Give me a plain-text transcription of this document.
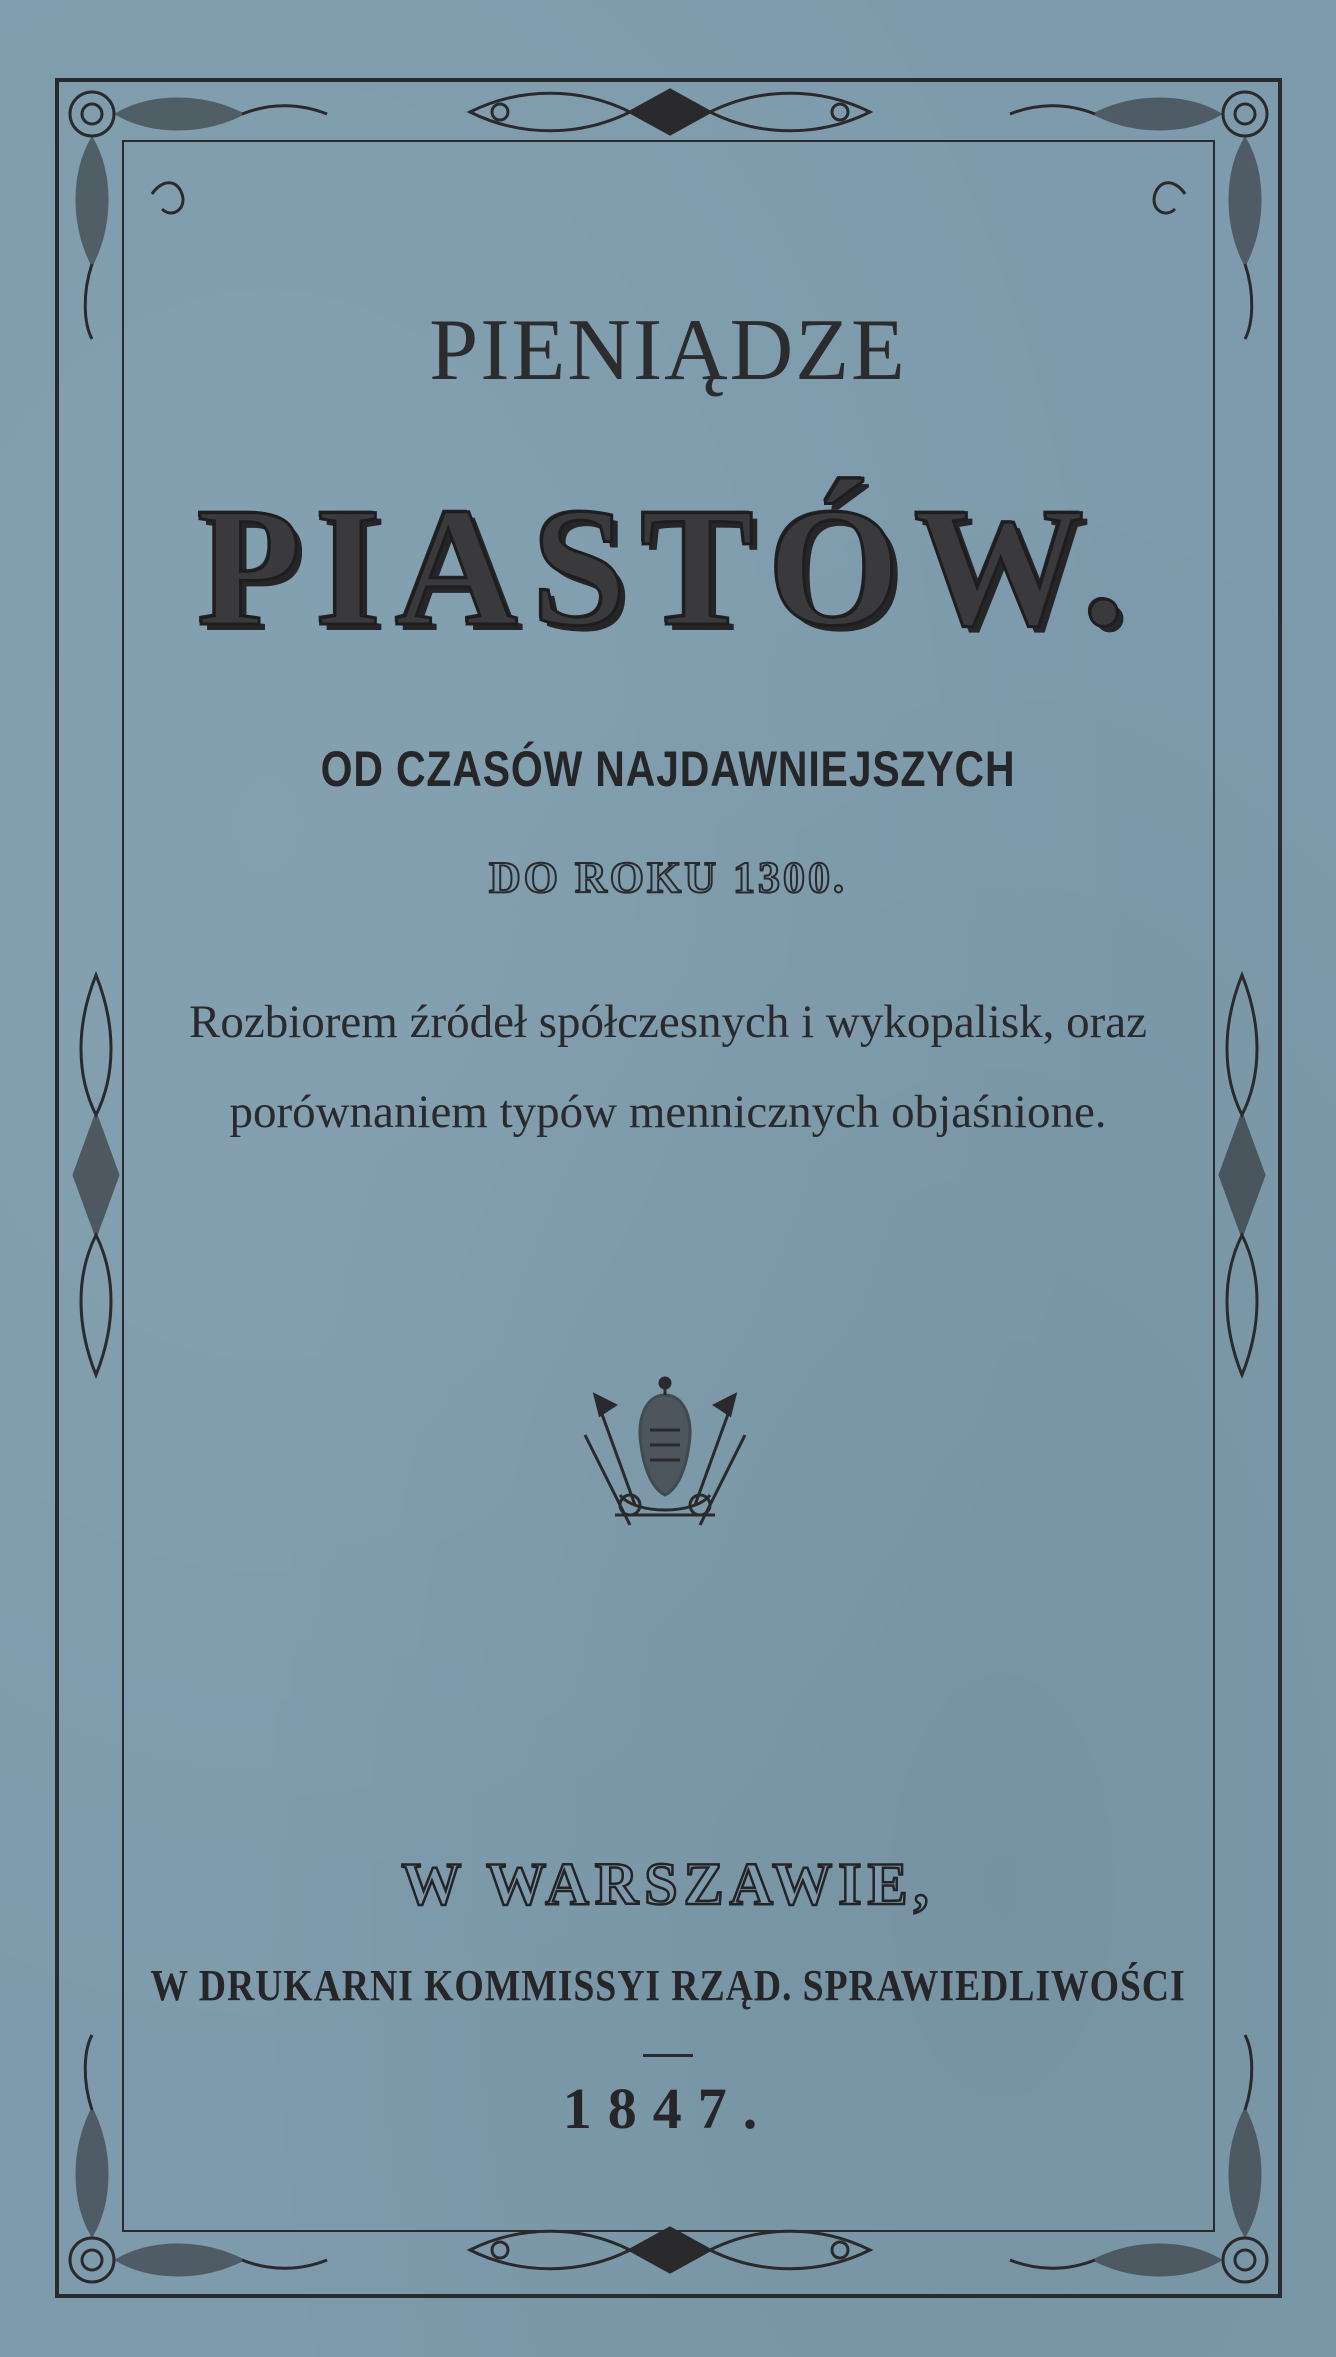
PIENIĄDZE
PIASTÓW.
OD CZASÓW NAJDAWNIEJSZYCH
DO ROKU 1300.
Rozbiorem źródeł spółczesnych i wykopalisk, oraz
porównaniem typów mennicznych objaśnione.
W WARSZAWIE,
W DRUKARNI KOMMISSYI RZĄD. SPRAWIEDLIWOŚCI
1847.
